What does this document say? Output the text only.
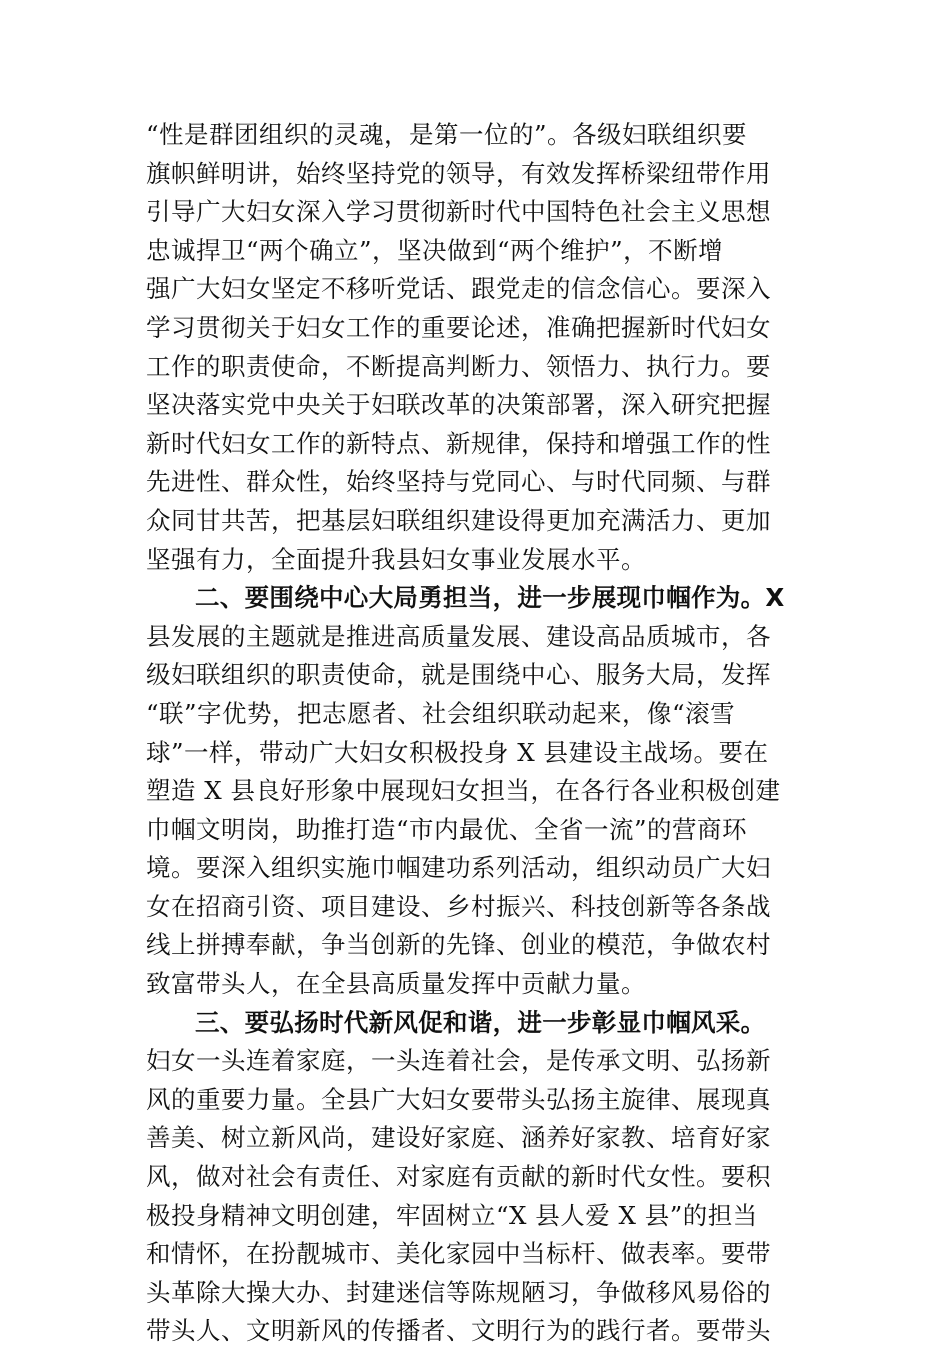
“性是群团组织的灵魂，是第一位的”。各级妇联组织要
旗帜鲜明讲，始终坚持党的领导，有效发挥桥梁纽带作用
引导广大妇女深入学习贯彻新时代中国特色社会主义思想
忠诚捍卫“两个确立”，坚决做到“两个维护”，不断增
强广大妇女坚定不移听党话、跟党走的信念信心。要深入
学习贯彻关于妇女工作的重要论述，准确把握新时代妇女
工作的职责使命，不断提高判断力、领悟力、执行力。要
坚决落实党中央关于妇联改革的决策部署，深入研究把握
新时代妇女工作的新特点、新规律，保持和增强工作的性
先进性、群众性，始终坚持与党同心、与时代同频、与群
众同甘共苦，把基层妇联组织建设得更加充满活力、更加
坚强有力，全面提升我县妇女事业发展水平。
二、要围绕中心大局勇担当，进一步展现巾帼作为。X
县发展的主题就是推进高质量发展、建设高品质城市，各
级妇联组织的职责使命，就是围绕中心、服务大局，发挥
“联”字优势，把志愿者、社会组织联动起来，像“滚雪
球”一样，带动广大妇女积极投身 X 县建设主战场。要在
塑造 X 县良好形象中展现妇女担当，在各行各业积极创建
巾帼文明岗，助推打造“市内最优、全省一流”的营商环
境。要深入组织实施巾帼建功系列活动，组织动员广大妇
女在招商引资、项目建设、乡村振兴、科技创新等各条战
线上拼搏奉献，争当创新的先锋、创业的模范，争做农村
致富带头人，在全县高质量发挥中贡献力量。
三、要弘扬时代新风促和谐，进一步彰显巾帼风采。
妇女一头连着家庭，一头连着社会，是传承文明、弘扬新
风的重要力量。全县广大妇女要带头弘扬主旋律、展现真
善美、树立新风尚，建设好家庭、涵养好家教、培育好家
风，做对社会有责任、对家庭有贡献的新时代女性。要积
极投身精神文明创建，牢固树立“X 县人爱 X 县”的担当
和情怀，在扮靓城市、美化家园中当标杆、做表率。要带
头革除大操大办、封建迷信等陈规陋习，争做移风易俗的
带头人、文明新风的传播者、文明行为的践行者。要带头
